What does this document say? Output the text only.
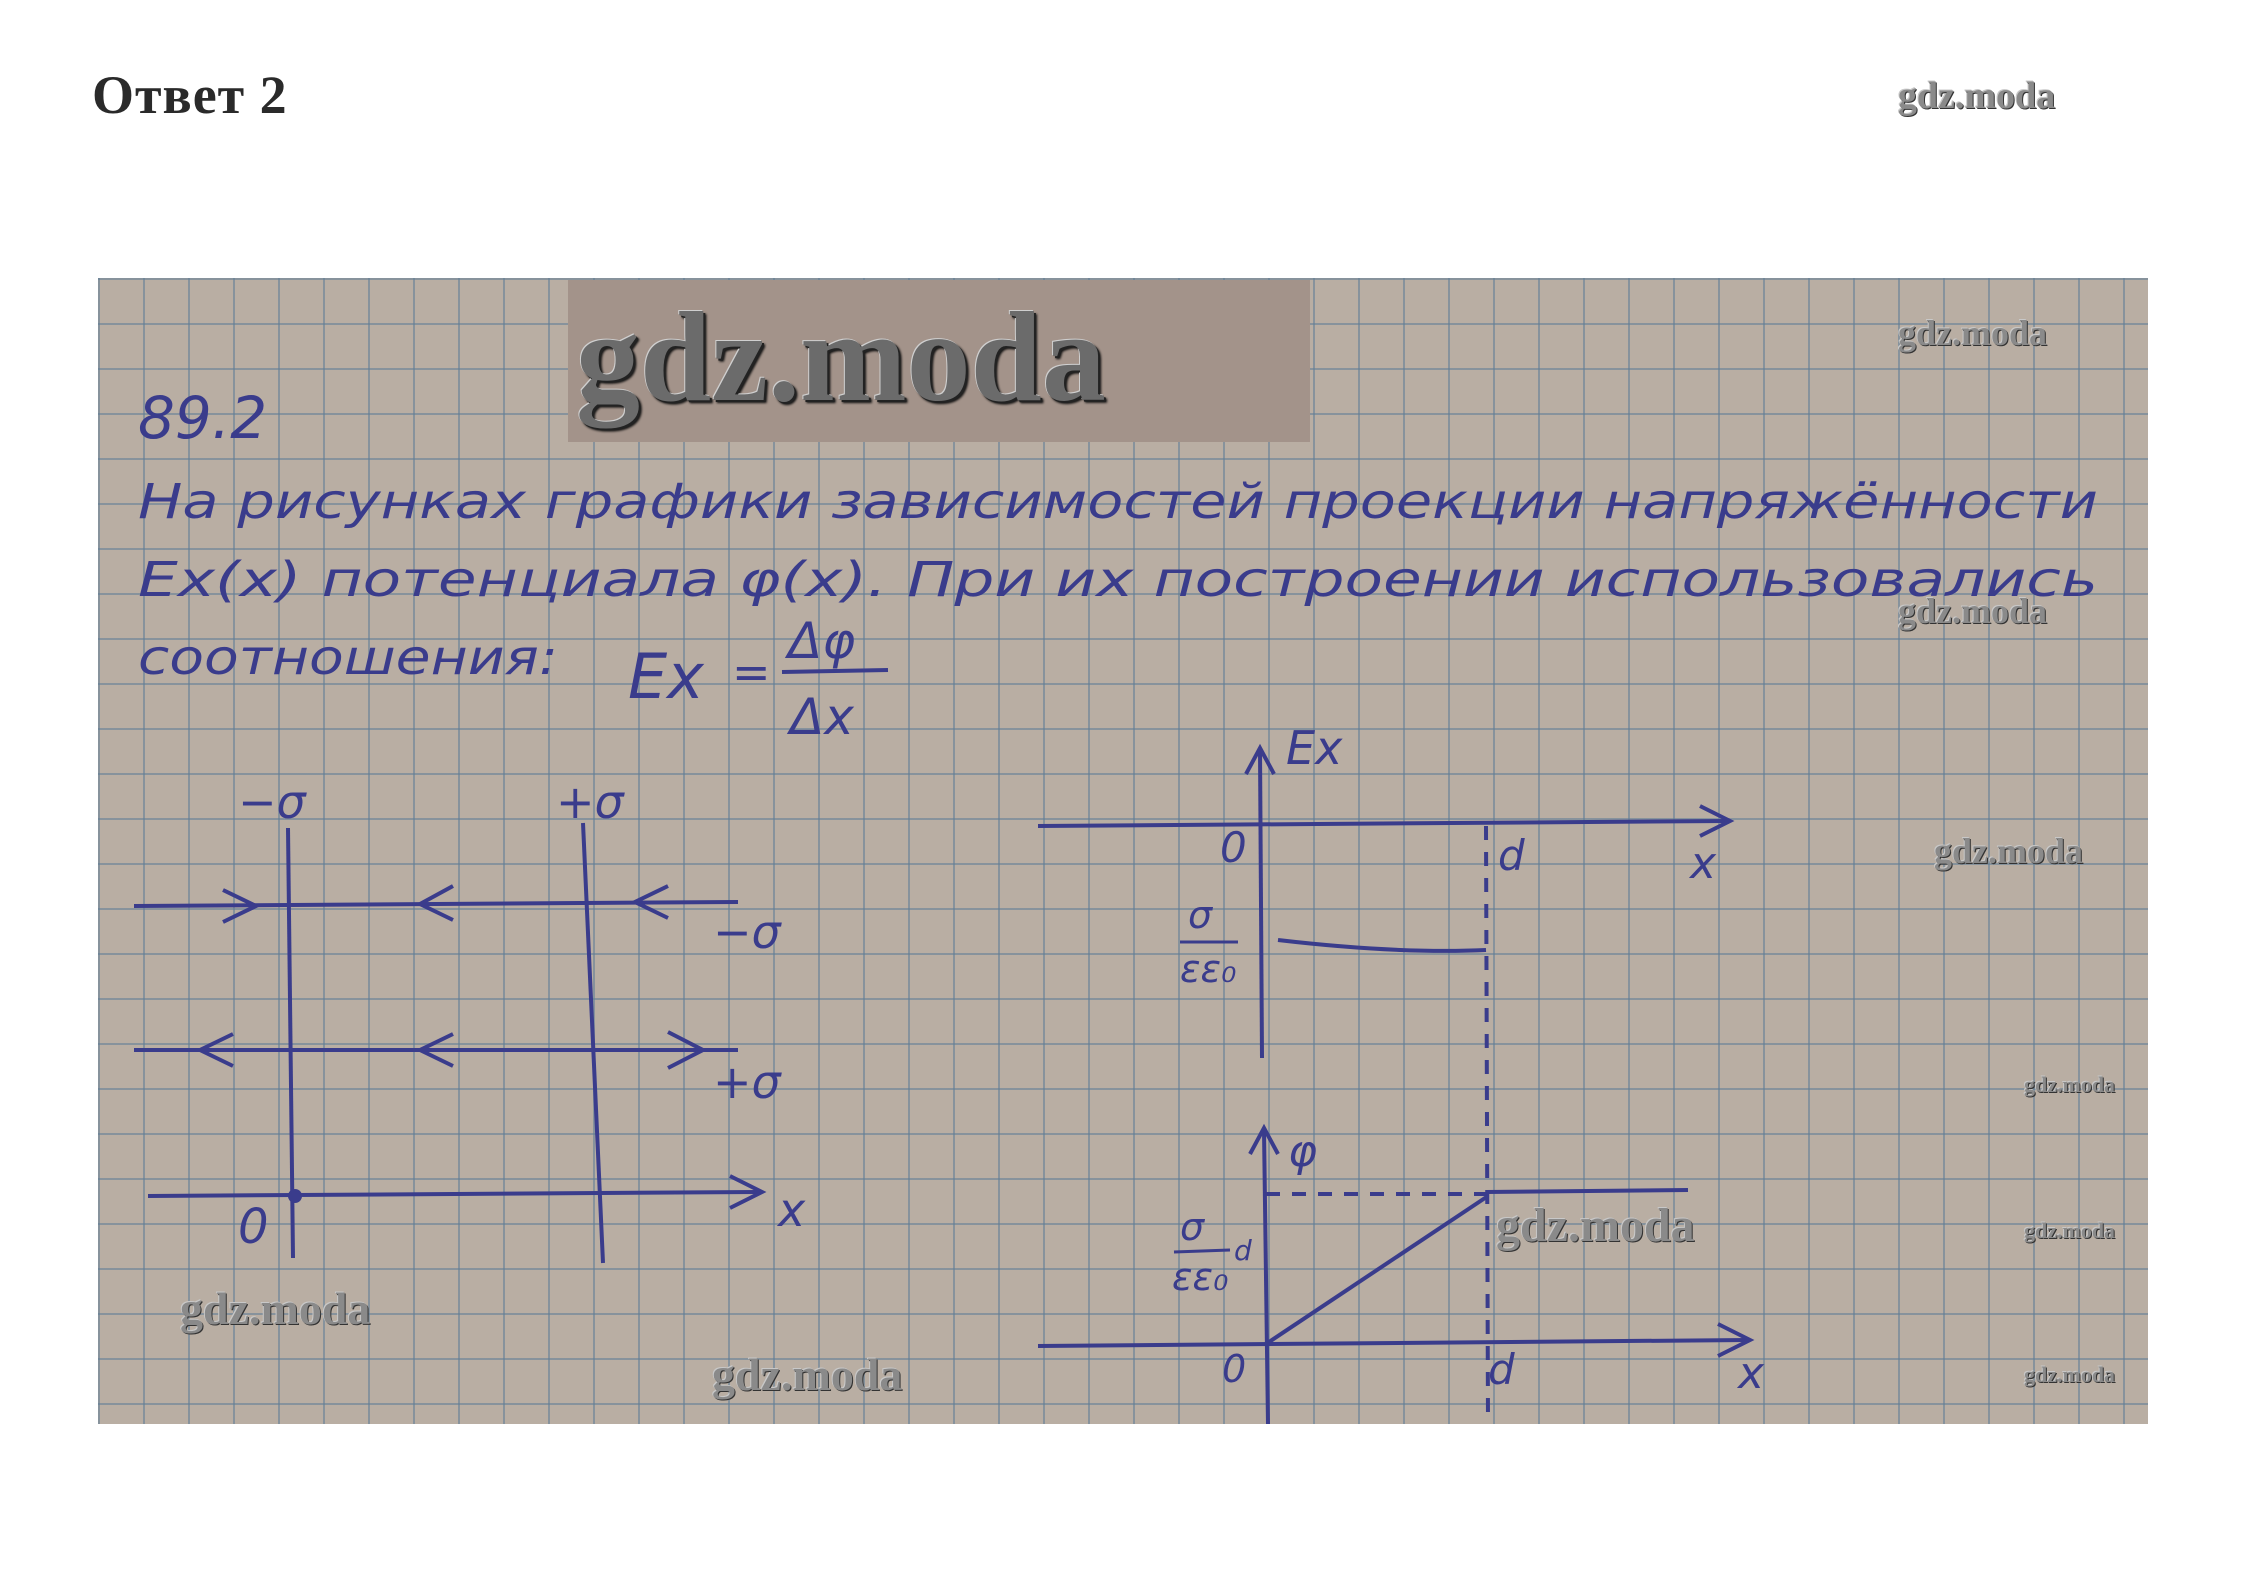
Ответ 2	gdz.moda
gdz.moda
89.2
На рисунках графики зависимостей проекции напряжённости
Ex(x) потенциала φ(x). При их построении использовались
соотношения: Ex =
Δφ
Δx
−σ	+σ
−σ
+σ
x
0
Ex
x
0	d
σ
εε₀
φ
x
0	d
σ
εε₀
d
gdz.moda
gdz.moda
gdz.moda
gdz.moda
gdz.moda	gdz.moda
gdz.moda
gdz.moda
gdz.moda
